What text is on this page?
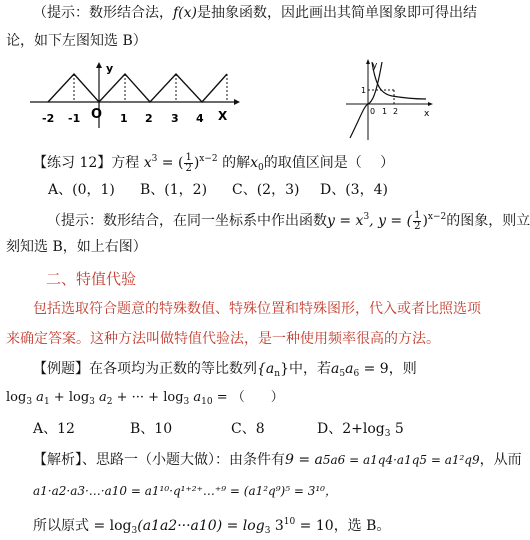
（提示：数形结合法，f(x)是抽象函数，因此画出其简单图象即可得出结
论，如下左图知选 B）
y
X
O
-2 -1	1 2 3 4
y
x
1
0 1 2
【练习 12】方程 $x^3$ = ( $\frac{1}{2} )^{x-2}$ 的解$x_0$的取值区间是（　 ）
A、(0，1) B、(1，2) C、(2，3) D、(3，4)
（提示：数形结合，在同一坐标系中作出函数$y = x^3$, y = ( $\frac{1}{2} )^{x-2}$的图象，则立
刻知选 B，如上右图）
二、特值代验
包括选取符合题意的特殊数值、特殊位置和特殊图形，代入或者比照选项
来确定答案。这种方法叫做特值代验法，是一种使用频率很高的方法。
【例题】在各项均为正数的等比数列$\{a_n\}$中，若$a_5a_6 = 9$，则
$\log_3 a_1 + \log_3 a_2$ + ··· + $\log_3 a_{10}$ = （　　）
A、12	B、10	C、8	D、$2+\log_3$ 5
【解析】、思路一（小题大做）：由条件有9 = a5a6 = a1q4·a1q5 = a1²q9，从而
a1·a2·a3·…·a10 = a1¹⁰·q¹⁺²⁺…⁺⁹ = (a1²q⁹)⁵ = 3¹⁰，
所以原式 = $\log_3(a1a2\cdot\cdot\cdot a10) = \log_3 3^{10} = 10$，选 B。
